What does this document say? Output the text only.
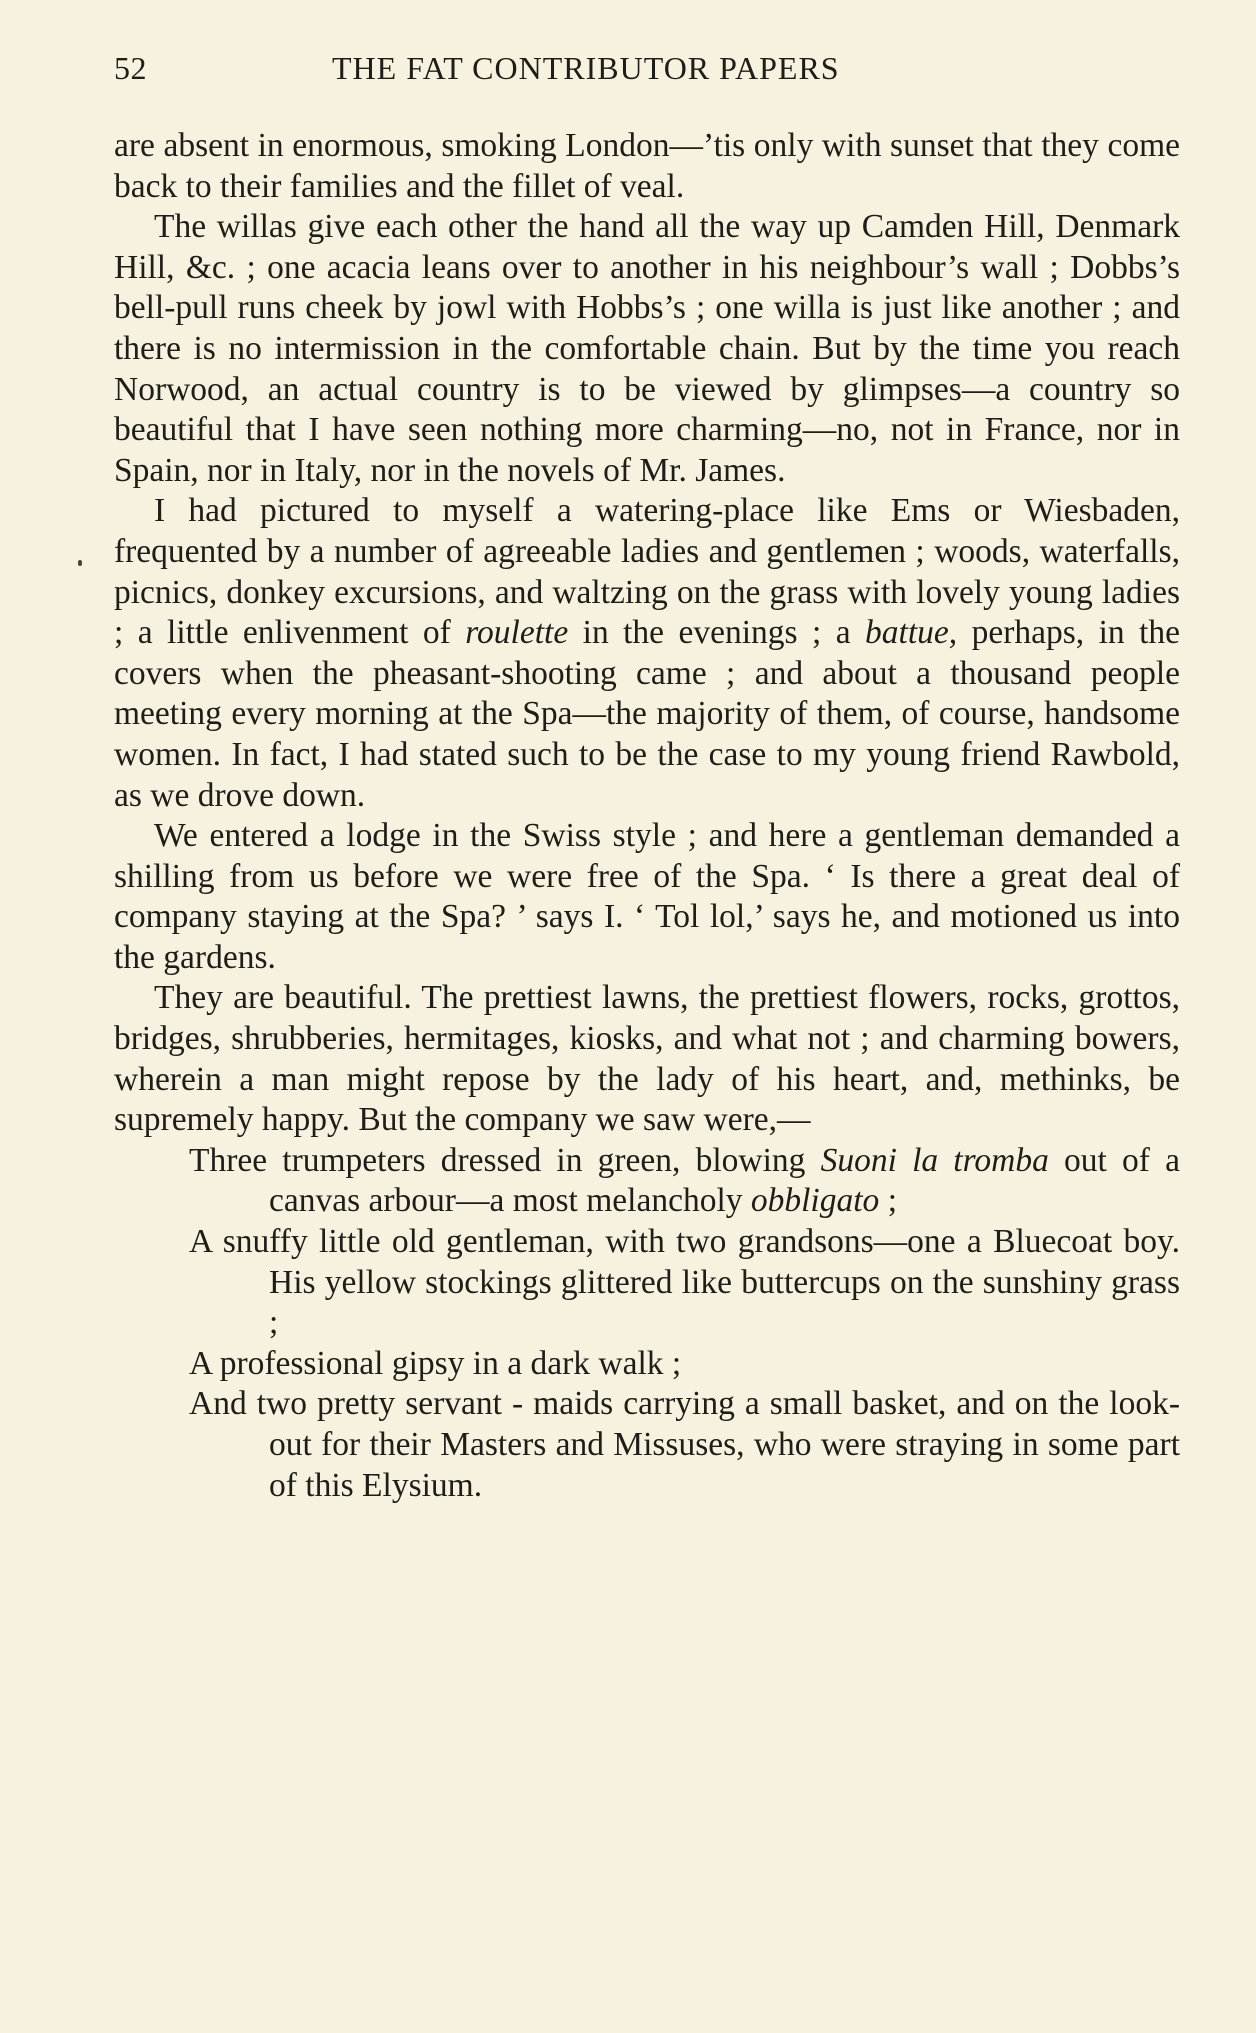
52	THE FAT CONTRIBUTOR PAPERS

are absent in enormous, smoking London—’tis only with sunset that they come back to their families and the fillet of veal.

The willas give each other the hand all the way up Camden Hill, Denmark Hill, &c. ; one acacia leans over to another in his neighbour’s wall ; Dobbs’s bell-pull runs cheek by jowl with Hobbs’s ; one willa is just like another ; and there is no intermission in the comfortable chain. But by the time you reach Norwood, an actual country is to be viewed by glimpses—a country so beautiful that I have seen nothing more charming—no, not in France, nor in Spain, nor in Italy, nor in the novels of Mr. James.

I had pictured to myself a watering-place like Ems or Wiesbaden, frequented by a number of agreeable ladies and gentlemen ; woods, waterfalls, picnics, donkey excursions, and waltzing on the grass with lovely young ladies ; a little enlivenment of roulette in the evenings ; a battue, perhaps, in the covers when the pheasant-shooting came ; and about a thousand people meeting every morning at the Spa—the majority of them, of course, handsome women. In fact, I had stated such to be the case to my young friend Rawbold, as we drove down.

We entered a lodge in the Swiss style ; and here a gentleman demanded a shilling from us before we were free of the Spa. ‘ Is there a great deal of company staying at the Spa? ’ says I. ‘ Tol lol,’ says he, and motioned us into the gardens.

They are beautiful. The prettiest lawns, the prettiest flowers, rocks, grottos, bridges, shrubberies, hermitages, kiosks, and what not ; and charming bowers, wherein a man might repose by the lady of his heart, and, methinks, be supremely happy. But the company we saw were,—

Three trumpeters dressed in green, blowing Suoni la tromba out of a canvas arbour—a most melancholy obbligato ;

A snuffy little old gentleman, with two grandsons—one a Bluecoat boy. His yellow stockings glittered like buttercups on the sunshiny grass ;

A professional gipsy in a dark walk ;

And two pretty servant - maids carrying a small basket, and on the look-out for their Masters and Missuses, who were straying in some part of this Elysium.
